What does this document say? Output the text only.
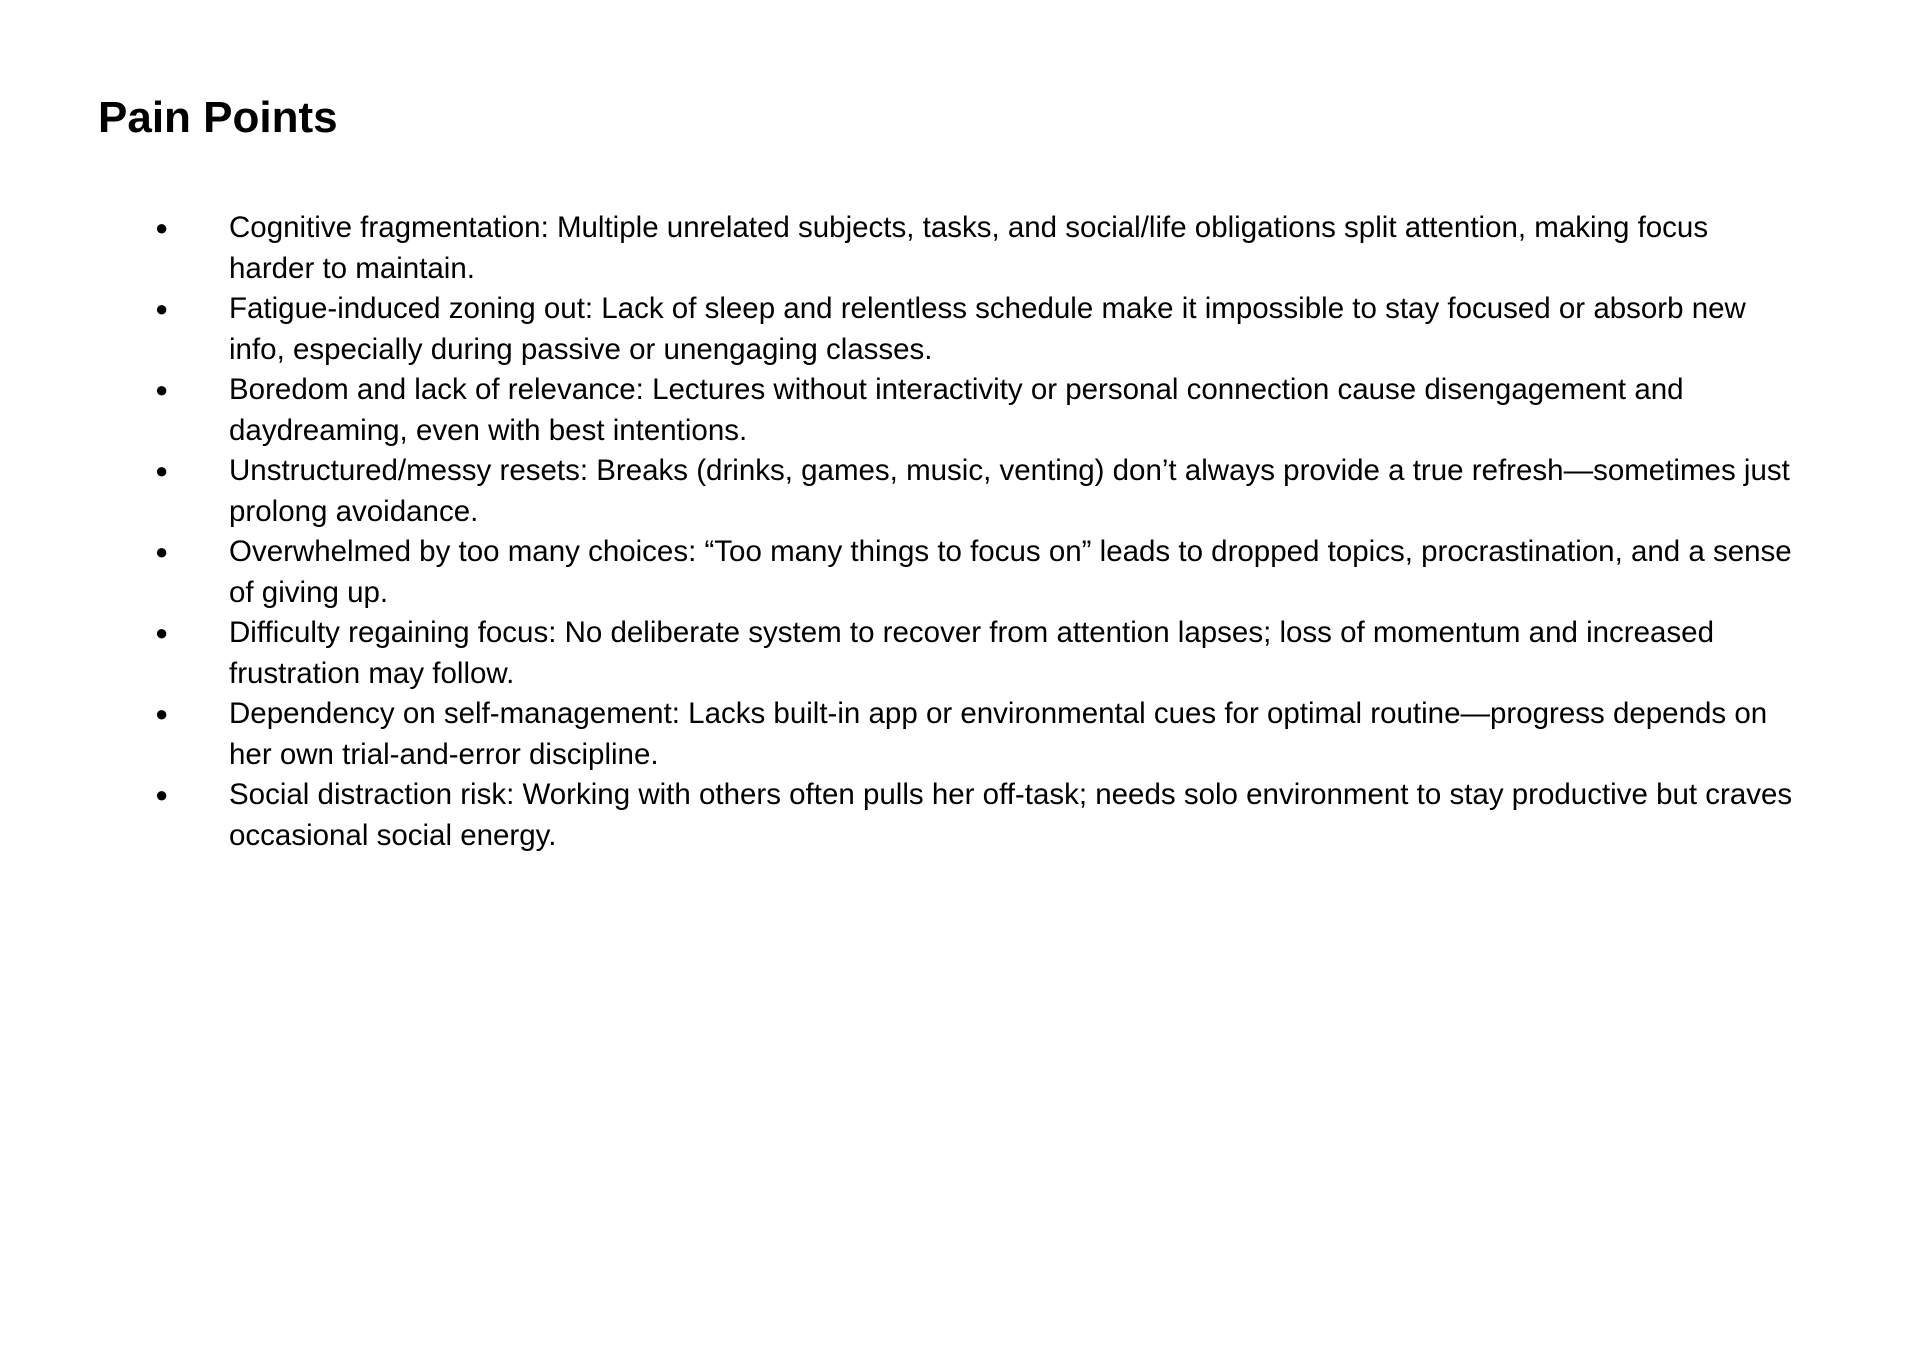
Pain Points
●	Cognitive fragmentation: Multiple unrelated subjects, tasks, and social/life obligations split attention, making focus harder to maintain.
●	Fatigue-induced zoning out: Lack of sleep and relentless schedule make it impossible to stay focused or absorb new info, especially during passive or unengaging classes.
●	Boredom and lack of relevance: Lectures without interactivity or personal connection cause disengagement and daydreaming, even with best intentions.
●	Unstructured/messy resets: Breaks (drinks, games, music, venting) don’t always provide a true refresh—sometimes just prolong avoidance.
●	Overwhelmed by too many choices: “Too many things to focus on” leads to dropped topics, procrastination, and a sense of giving up.
●	Difficulty regaining focus: No deliberate system to recover from attention lapses; loss of momentum and increased frustration may follow.
●	Dependency on self-management: Lacks built-in app or environmental cues for optimal routine—progress depends on her own trial-and-error discipline.
●	Social distraction risk: Working with others often pulls her off-task; needs solo environment to stay productive but craves occasional social energy.
